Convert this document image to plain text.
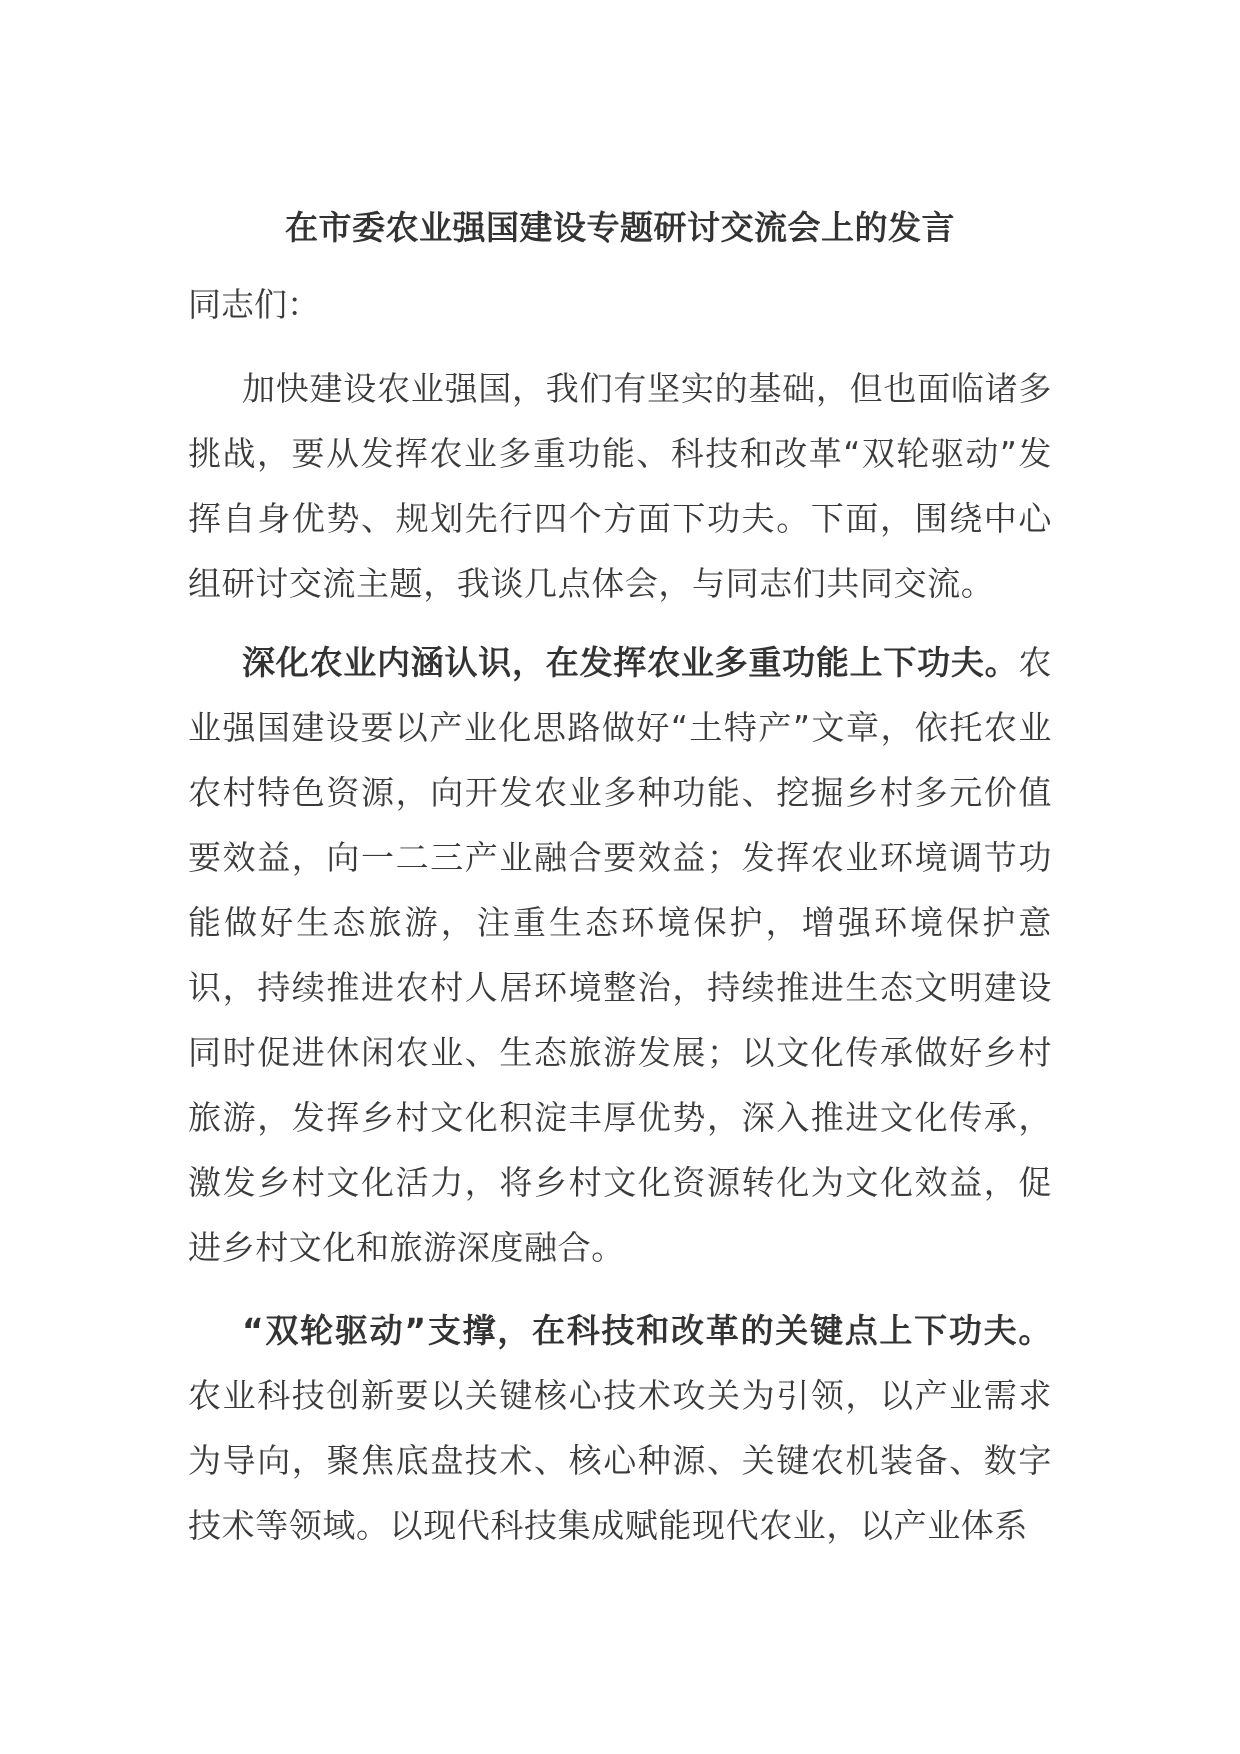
在市委农业强国建设专题研讨交流会上的发言
同志们：

加快建设农业强国，我们有坚实的基础，但也面临诸多挑战，要从发挥农业多重功能、科技和改革“双轮驱动”发挥自身优势、规划先行四个方面下功夫。下面，围绕中心组研讨交流主题，我谈几点体会，与同志们共同交流。

深化农业内涵认识，在发挥农业多重功能上下功夫。农业强国建设要以产业化思路做好“土特产”文章，依托农业农村特色资源，向开发农业多种功能、挖掘乡村多元价值要效益，向一二三产业融合要效益；发挥农业环境调节功能做好生态旅游，注重生态环境保护，增强环境保护意识，持续推进农村人居环境整治，持续推进生态文明建设同时促进休闲农业、生态旅游发展；以文化传承做好乡村旅游，发挥乡村文化积淀丰厚优势，深入推进文化传承，激发乡村文化活力，将乡村文化资源转化为文化效益，促进乡村文化和旅游深度融合。

“双轮驱动”支撑，在科技和改革的关键点上下功夫。农业科技创新要以关键核心技术攻关为引领，以产业需求为导向，聚焦底盘技术、核心种源、关键农机装备、数字技术等领域。以现代科技集成赋能现代农业，以产业体系
